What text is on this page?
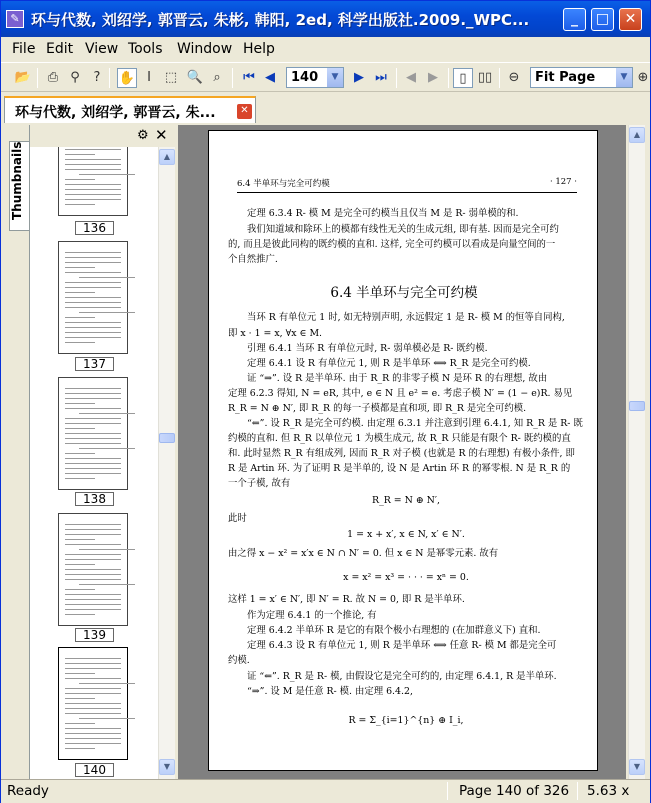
✎ 环与代数, 刘绍学, 郭晋云, 朱彬, 韩阳, 2ed, 科学出版社.2009._WPC...	_	□	✕
File Edit View Tools Window Help
📂	⎙ ⚲	?	✋ Ⅰ	⬚ 🔍 ⌕	⏮ ◀	140	▼	▶ ⏭	◀ ▶	▯ ▯▯	⊖	Fit Page	▼ ⊕
环与代数, 刘绍学, 郭晋云, 朱...	✕
Thumbnails
⚙ ✕
136
137
138
139
140
▲
▼
6.4 半单环与完全可约模	· 127 ·
定理 6.3.4 R- 模 M 是完全可约模当且仅当 M 是 R- 弱单模的和.
我们知道域和除环上的模都有线性无关的生成元组, 即有基. 因而是完全可约
的, 而且是彼此同构的既约模的直和. 这样, 完全可约模可以看成是向量空间的一
个自然推广.
6.4 半单环与完全可约模
当环 R 有单位元 1 时, 如无特别声明, 永远假定 1 是 R- 模 M 的恒等自同构,
即 x · 1 = x, ∀x ∈ M.
引理 6.4.1 当环 R 有单位元时, R- 弱单模必是 R- 既约模.
定理 6.4.1 设 R 有单位元 1, 则 R 是半单环 ⟺ R_R 是完全可约模.
证 “⇒”. 设 R 是半单环. 由于 R_R 的非零子模 N 是环 R 的右理想, 故由
定理 6.2.3 得知, N = eR, 其中, e ∈ N 且 e² = e. 考虑子模 N′ = (1 − e)R. 易见
R_R = N ⊕ N′, 即 R_R 的每一子模都是直和项, 即 R_R 是完全可约模.
“⇐”. 设 R_R 是完全可约模. 由定理 6.3.1 并注意到引理 6.4.1, 知 R_R 是 R- 既
约模的直和. 但 R_R 以单位元 1 为模生成元, 故 R_R 只能是有限个 R- 既约模的直
和. 此时显然 R_R 有组成列, 因而 R_R 对子模 (也就是 R 的右理想) 有极小条件, 即
R 是 Artin 环. 为了证明 R 是半单的, 设 N 是 Artin 环 R 的幂零根. N 是 R_R 的
一个子模, 故有
R_R = N ⊕ N′,
此时
1 = x + x′, x ∈ N, x′ ∈ N′.
由之得 x − x² = x′x ∈ N ∩ N′ = 0. 但 x ∈ N 是幂零元素. 故有
x = x² = x³ = · · · = xⁿ = 0.
这样 1 = x′ ∈ N′, 即 N′ = R. 故 N = 0, 即 R 是半单环.
作为定理 6.4.1 的一个推论, 有
定理 6.4.2 半单环 R 是它的有限个极小右理想的 (在加群意义下) 直和.
定理 6.4.3 设 R 有单位元 1, 则 R 是半单环 ⟺ 任意 R- 模 M 都是完全可
约模.
证 “⇐”. R_R 是 R- 模, 由假设它是完全可约的, 由定理 6.4.1, R 是半单环.
“⇒”. 设 M 是任意 R- 模. 由定理 6.4.2,
R = Σ_{i=1}^{n} ⊕ I_i,
▲
▼
Ready	Page 140 of 326 5.63 x
